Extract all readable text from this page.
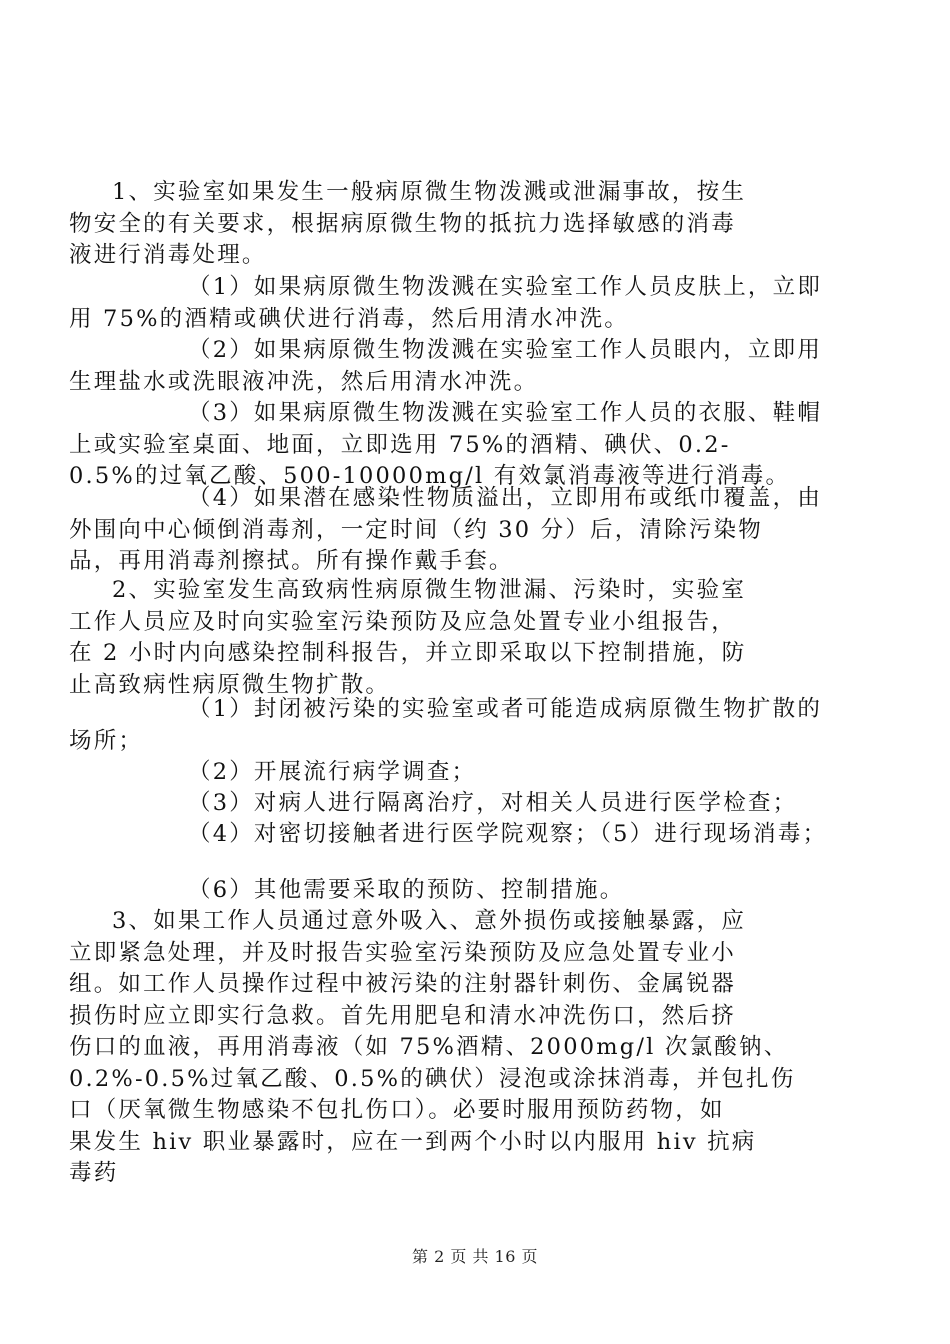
1、实验室如果发生一般病原微生物泼溅或泄漏事故，按生
物安全的有关要求，根据病原微生物的抵抗力选择敏感的消毒
液进行消毒处理。

（1）如果病原微生物泼溅在实验室工作人员皮肤上，立即
用 75%的酒精或碘伏进行消毒，然后用清水冲洗。

（2）如果病原微生物泼溅在实验室工作人员眼内，立即用
生理盐水或洗眼液冲洗，然后用清水冲洗。

（3）如果病原微生物泼溅在实验室工作人员的衣服、鞋帽
上或实验室桌面、地面，立即选用 75%的酒精、碘伏、0.2-
0.5%的过氧乙酸、500-10000mg/l 有效氯消毒液等进行消毒。

（4）如果潜在感染性物质溢出，立即用布或纸巾覆盖，由
外围向中心倾倒消毒剂，一定时间（约 30 分）后，清除污染物
品，再用消毒剂擦拭。所有操作戴手套。

2、实验室发生高致病性病原微生物泄漏、污染时，实验室
工作人员应及时向实验室污染预防及应急处置专业小组报告，
在 2 小时内向感染控制科报告，并立即采取以下控制措施，防
止高致病性病原微生物扩散。

（1）封闭被污染的实验室或者可能造成病原微生物扩散的
场所；

（2）开展流行病学调查；

（3）对病人进行隔离治疗，对相关人员进行医学检查；

（4）对密切接触者进行医学院观察；（5）进行现场消毒；

（6）其他需要采取的预防、控制措施。

3、如果工作人员通过意外吸入、意外损伤或接触暴露，应
立即紧急处理，并及时报告实验室污染预防及应急处置专业小
组。如工作人员操作过程中被污染的注射器针刺伤、金属锐器
损伤时应立即实行急救。首先用肥皂和清水冲洗伤口，然后挤
伤口的血液，再用消毒液（如 75%酒精、2000mg/l 次氯酸钠、
0.2%-0.5%过氧乙酸、0.5%的碘伏）浸泡或涂抹消毒，并包扎伤
口（厌氧微生物感染不包扎伤口）。必要时服用预防药物，如
果发生 hiv 职业暴露时，应在一到两个小时以内服用 hiv 抗病
毒药

第 2 页 共 16 页
